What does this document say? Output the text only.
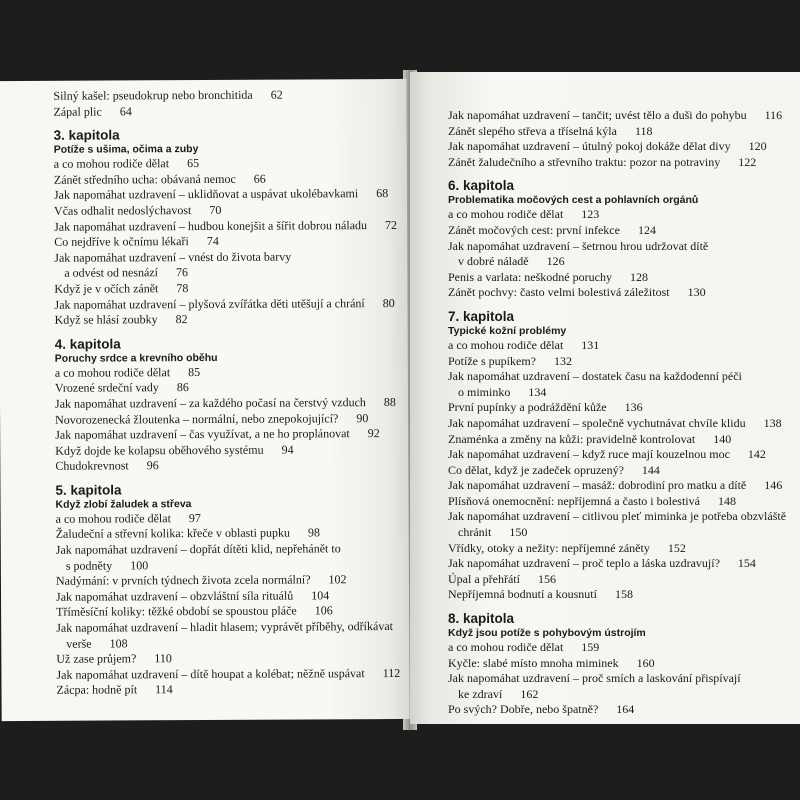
Silný kašel: pseudokrup nebo bronchitida 62
Zápal plic 64
3. kapitola
Potíže s ušima, očima a zuby
a co mohou rodiče dělat 65
Zánět středního ucha: obávaná nemoc 66
Jak napomáhat uzdravení – uklidňovat a uspávat ukolébavkami 68
Včas odhalit nedoslýchavost 70
Jak napomáhat uzdravení – hudbou konejšit a šířit dobrou náladu 72
Co nejdříve k očnímu lékaři 74
Jak napomáhat uzdravení – vnést do života barvy
a odvést od nesnází 76
Když je v očích zánět 78
Jak napomáhat uzdravení – plyšová zvířátka děti utěšují a chrání 80
Když se hlásí zoubky 82
4. kapitola
Poruchy srdce a krevního oběhu
a co mohou rodiče dělat 85
Vrozené srdeční vady 86
Jak napomáhat uzdravení – za každého počasí na čerstvý vzduch 88
Novorozenecká žloutenka – normální, nebo znepokojující? 90
Jak napomáhat uzdravení – čas využívat, a ne ho proplánovat 92
Když dojde ke kolapsu oběhového systému 94
Chudokrevnost 96
5. kapitola
Když zlobí žaludek a střeva
a co mohou rodiče dělat 97
Žaludeční a střevní kolika: křeče v oblasti pupku 98
Jak napomáhat uzdravení – dopřát dítěti klid, nepřehánět to
s podněty 100
Nadýmání: v prvních týdnech života zcela normální? 102
Jak napomáhat uzdravení – obzvláštní síla rituálů 104
Tříměsíční koliky: těžké období se spoustou pláče 106
Jak napomáhat uzdravení – hladit hlasem; vyprávět příběhy, odříkávat
verše 108
Už zase průjem? 110
Jak napomáhat uzdravení – dítě houpat a kolébat; něžně uspávat 112
Zácpa: hodně pít 114
Jak napomáhat uzdravení – tančit; uvést tělo a duši do pohybu 116
Zánět slepého střeva a tříselná kýla 118
Jak napomáhat uzdravení – útulný pokoj dokáže dělat divy 120
Zánět žaludečního a střevního traktu: pozor na potraviny 122
6. kapitola
Problematika močových cest a pohlavních orgánů
a co mohou rodiče dělat 123
Zánět močových cest: první infekce 124
Jak napomáhat uzdravení – šetrnou hrou udržovat dítě
v dobré náladě 126
Penis a varlata: neškodné poruchy 128
Zánět pochvy: často velmi bolestivá záležitost 130
7. kapitola
Typické kožní problémy
a co mohou rodiče dělat 131
Potíže s pupíkem? 132
Jak napomáhat uzdravení – dostatek času na každodenní péči
o miminko 134
První pupínky a podráždění kůže 136
Jak napomáhat uzdravení – společně vychutnávat chvíle klidu 138
Znaménka a změny na kůži: pravidelně kontrolovat 140
Jak napomáhat uzdravení – když ruce mají kouzelnou moc 142
Co dělat, když je zadeček opruzený? 144
Jak napomáhat uzdravení – masáž: dobrodiní pro matku a dítě 146
Plísňová onemocnění: nepříjemná a často i bolestivá 148
Jak napomáhat uzdravení – citlivou pleť miminka je potřeba obzvláště
chránit 150
Vřídky, otoky a nežity: nepříjemné záněty 152
Jak napomáhat uzdravení – proč teplo a láska uzdravují? 154
Úpal a přehřátí 156
Nepříjemná bodnutí a kousnutí 158
8. kapitola
Když jsou potíže s pohybovým ústrojím
a co mohou rodiče dělat 159
Kyčle: slabé místo mnoha miminek 160
Jak napomáhat uzdravení – proč smích a laskování přispívají
ke zdraví 162
Po svých? Dobře, nebo špatně? 164
